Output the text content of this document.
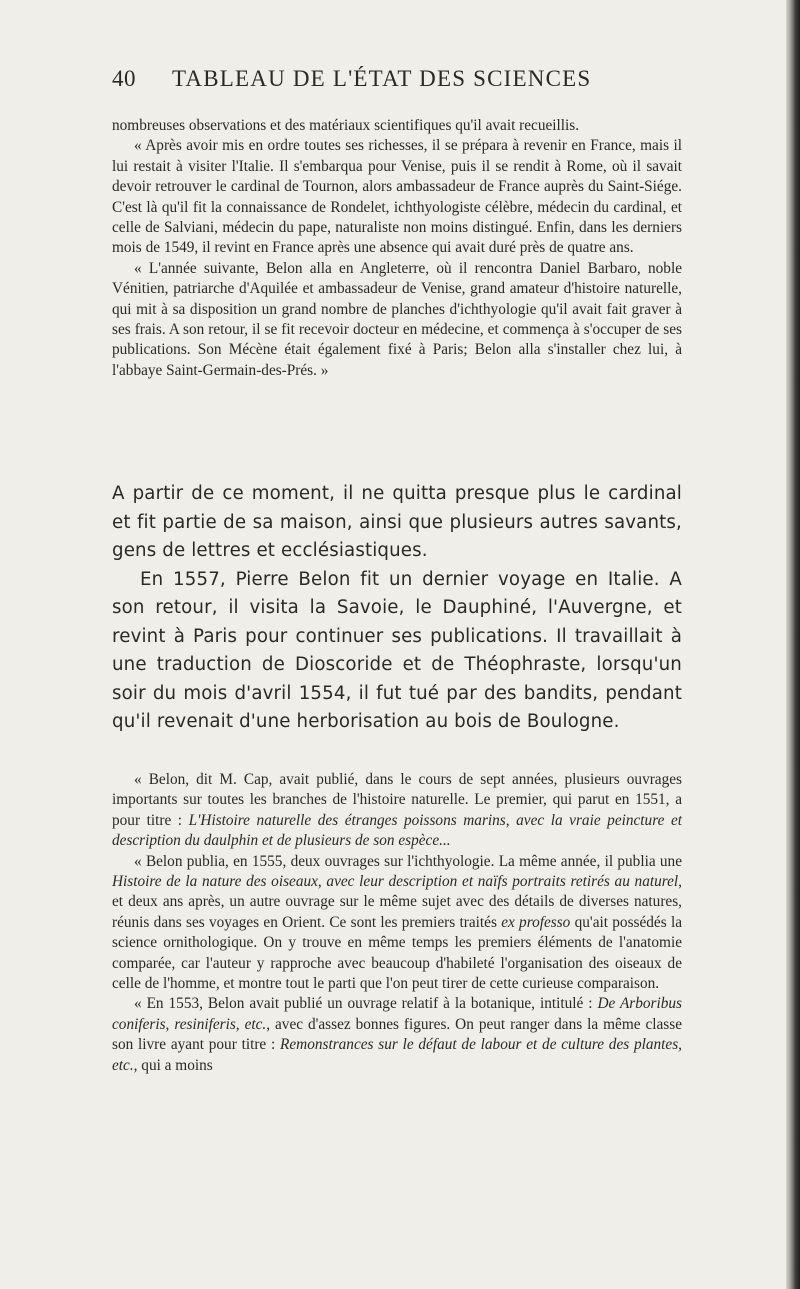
40 TABLEAU DE L'ÉTAT DES SCIENCES

nombreuses observations et des matériaux scientifiques qu'il avait recueillis.

« Après avoir mis en ordre toutes ses richesses, il se prépara à revenir en France, mais il lui restait à visiter l'Italie. Il s'embarqua pour Venise, puis il se rendit à Rome, où il savait devoir retrouver le cardinal de Tournon, alors ambassadeur de France auprès du Saint-Siége. C'est là qu'il fit la connaissance de Rondelet, ichthyologiste célèbre, médecin du cardinal, et celle de Salviani, médecin du pape, naturaliste non moins distingué. Enfin, dans les derniers mois de 1549, il revint en France après une absence qui avait duré près de quatre ans.

« L'année suivante, Belon alla en Angleterre, où il rencontra Daniel Barbaro, noble Vénitien, patriarche d'Aquilée et ambassadeur de Venise, grand amateur d'histoire naturelle, qui mit à sa disposition un grand nombre de planches d'ichthyologie qu'il avait fait graver à ses frais. A son retour, il se fit recevoir docteur en médecine, et commença à s'occuper de ses publications. Son Mécène était également fixé à Paris; Belon alla s'installer chez lui, à l'abbaye Saint-Germain-des-Prés. »

A partir de ce moment, il ne quitta presque plus le cardinal et fit partie de sa maison, ainsi que plusieurs autres savants, gens de lettres et ecclésiastiques.

En 1557, Pierre Belon fit un dernier voyage en Italie. A son retour, il visita la Savoie, le Dauphiné, l'Auvergne, et revint à Paris pour continuer ses publications. Il travaillait à une traduction de Dioscoride et de Théophraste, lorsqu'un soir du mois d'avril 1554, il fut tué par des bandits, pendant qu'il revenait d'une herborisation au bois de Boulogne.

« Belon, dit M. Cap, avait publié, dans le cours de sept années, plusieurs ouvrages importants sur toutes les branches de l'histoire naturelle. Le premier, qui parut en 1551, a pour titre : L'Histoire naturelle des étranges poissons marins, avec la vraie peincture et description du daulphin et de plusieurs de son espèce...

« Belon publia, en 1555, deux ouvrages sur l'ichthyologie. La même année, il publia une Histoire de la nature des oiseaux, avec leur description et naïfs portraits retirés au naturel, et deux ans après, un autre ouvrage sur le même sujet avec des détails de diverses natures, réunis dans ses voyages en Orient. Ce sont les premiers traités ex professo qu'ait possédés la science ornithologique. On y trouve en même temps les premiers éléments de l'anatomie comparée, car l'auteur y rapproche avec beaucoup d'habileté l'organisation des oiseaux de celle de l'homme, et montre tout le parti que l'on peut tirer de cette curieuse comparaison.

« En 1553, Belon avait publié un ouvrage relatif à la botanique, intitulé : De Arboribus coniferis, resiniferis, etc., avec d'assez bonnes figures. On peut ranger dans la même classe son livre ayant pour titre : Remonstrances sur le défaut de labour et de culture des plantes, etc., qui a moins
